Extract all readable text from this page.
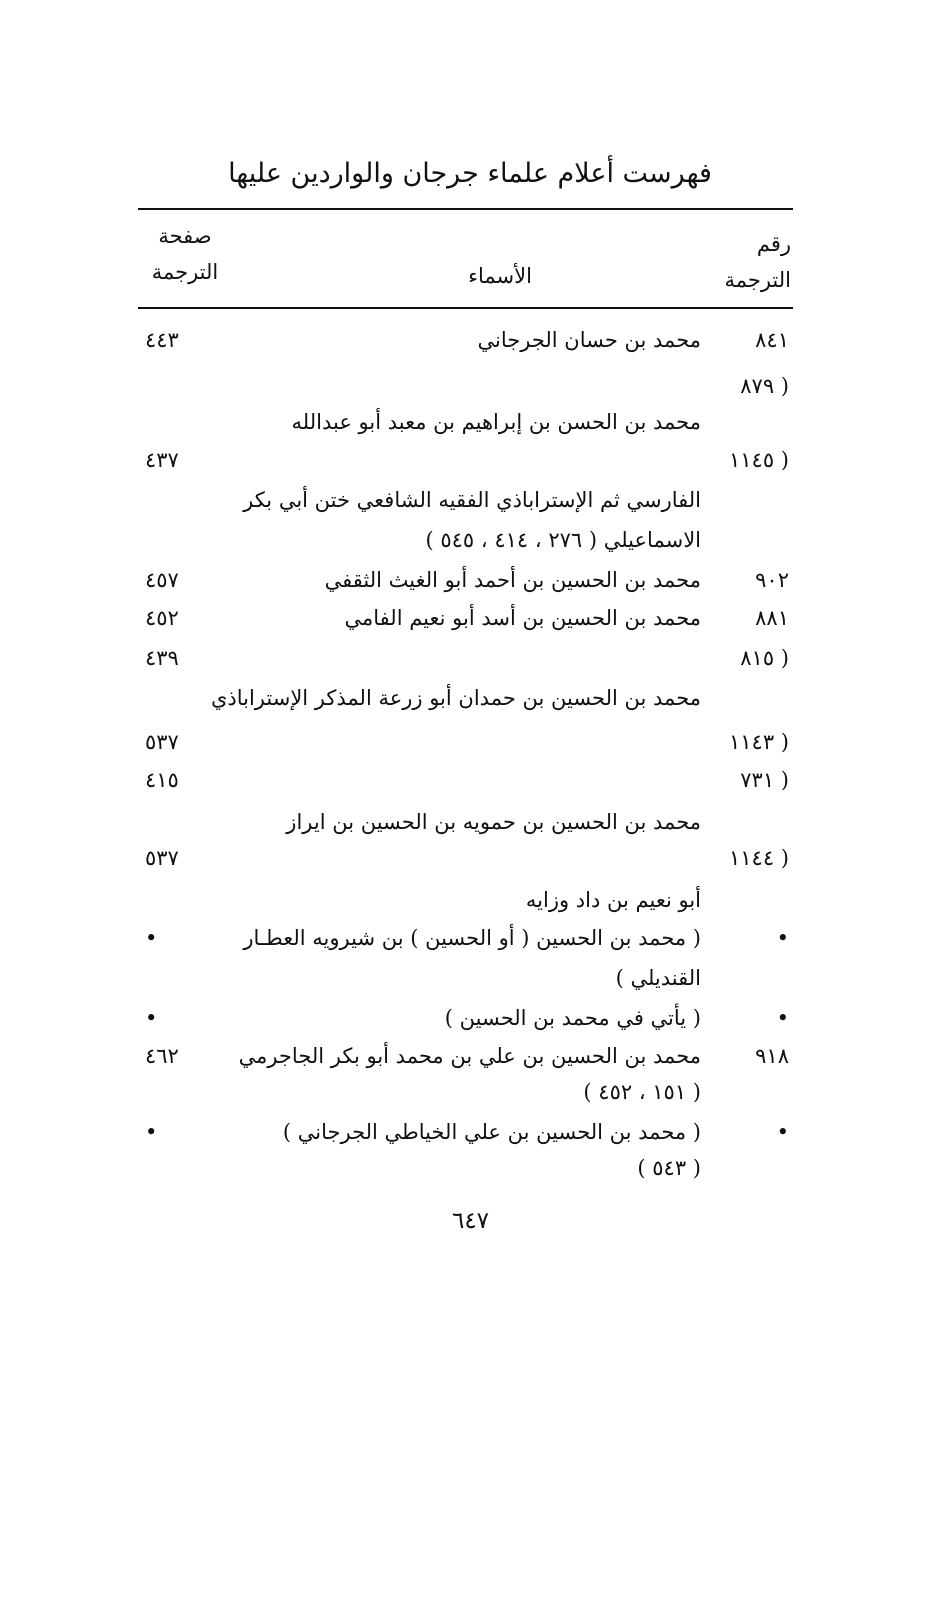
فهرست أعلام علماء جرجان والواردين عليها
رقم
الترجمة
الأسماء
صفحة
الترجمة
٨٤١
محمد بن حسان الجرجاني
٤٤٣
( ٨٧٩
محمد بن الحسن بن إبراهيم بن معبد أبو عبدالله
( ١١٤٥
٤٣٧
الفارسي ثم الإستراباذي الفقيه الشافعي ختن أبي بكر
الاسماعيلي ( ٢٧٦ ، ٤١٤ ، ٥٤٥ )
٩٠٢
محمد بن الحسين بن أحمد أبو الغيث الثقفي
٤٥٧
٨٨١
محمد بن الحسين بن أسد أبو نعيم الفامي
٤٥٢
( ٨١٥
٤٣٩
محمد بن الحسين بن حمدان أبو زرعة المذكر الإستراباذي
( ١١٤٣
٥٣٧
( ٧٣١
٤١٥
محمد بن الحسين بن حمويه بن الحسين بن ايراز
( ١١٤٤
٥٣٧
أبو نعيم بن داد وزايه
•
( محمد بن الحسين ( أو الحسين ) بن شيرويه العطـار
•
القنديلي )
•
( يأتي في محمد بن الحسين )
•
٩١٨
محمد بن الحسين بن علي بن محمد أبو بكر الجاجرمي
٤٦٢
( ١٥١ ، ٤٥٢ )
•
( محمد بن الحسين بن علي الخياطي الجرجاني )
•
( ٥٤٣ )
٦٤٧
